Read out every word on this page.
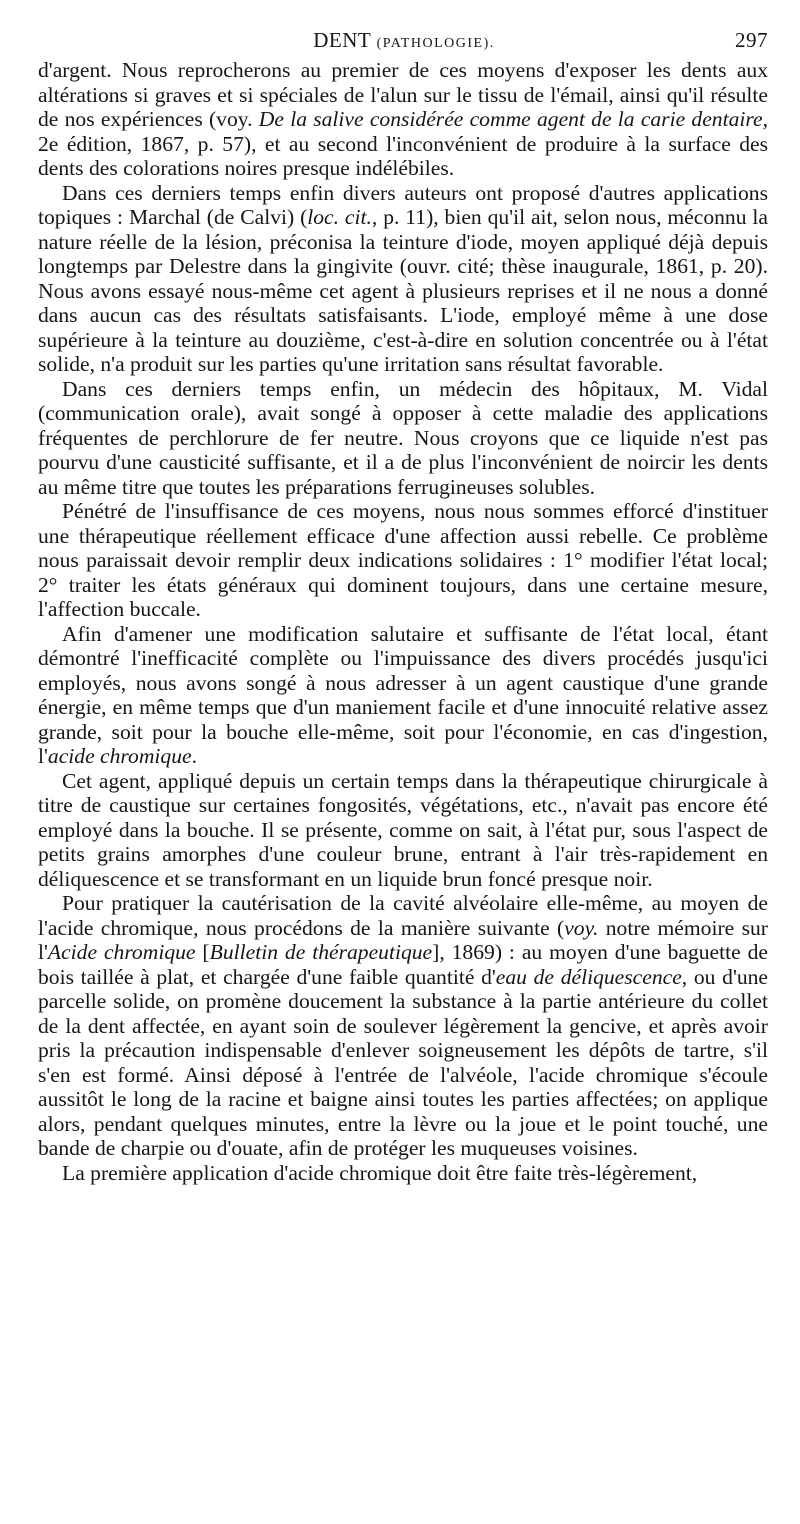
DENT (PATHOLOGIE).	297

d'argent. Nous reprocherons au premier de ces moyens d'exposer les dents aux altérations si graves et si spéciales de l'alun sur le tissu de l'émail, ainsi qu'il résulte de nos expériences (voy. De la salive considérée comme agent de la carie dentaire, 2e édition, 1867, p. 57), et au second l'inconvénient de produire à la surface des dents des colorations noires presque indélébiles.

Dans ces derniers temps enfin divers auteurs ont proposé d'autres applications topiques : Marchal (de Calvi) (loc. cit., p. 11), bien qu'il ait, selon nous, méconnu la nature réelle de la lésion, préconisa la teinture d'iode, moyen appliqué déjà depuis longtemps par Delestre dans la gingivite (ouvr. cité; thèse inaugurale, 1861, p. 20). Nous avons essayé nous-même cet agent à plusieurs reprises et il ne nous a donné dans aucun cas des résultats satisfaisants. L'iode, employé même à une dose supérieure à la teinture au douzième, c'est-à-dire en solution concentrée ou à l'état solide, n'a produit sur les parties qu'une irritation sans résultat favorable.

Dans ces derniers temps enfin, un médecin des hôpitaux, M. Vidal (communication orale), avait songé à opposer à cette maladie des applications fréquentes de perchlorure de fer neutre. Nous croyons que ce liquide n'est pas pourvu d'une causticité suffisante, et il a de plus l'inconvénient de noircir les dents au même titre que toutes les préparations ferrugineuses solubles.

Pénétré de l'insuffisance de ces moyens, nous nous sommes efforcé d'instituer une thérapeutique réellement efficace d'une affection aussi rebelle. Ce problème nous paraissait devoir remplir deux indications solidaires : 1° modifier l'état local; 2° traiter les états généraux qui dominent toujours, dans une certaine mesure, l'affection buccale.

Afin d'amener une modification salutaire et suffisante de l'état local, étant démontré l'inefficacité complète ou l'impuissance des divers procédés jusqu'ici employés, nous avons songé à nous adresser à un agent caustique d'une grande énergie, en même temps que d'un maniement facile et d'une innocuité relative assez grande, soit pour la bouche elle-même, soit pour l'économie, en cas d'ingestion, l'acide chromique.

Cet agent, appliqué depuis un certain temps dans la thérapeutique chirurgicale à titre de caustique sur certaines fongosités, végétations, etc., n'avait pas encore été employé dans la bouche. Il se présente, comme on sait, à l'état pur, sous l'aspect de petits grains amorphes d'une couleur brune, entrant à l'air très-rapidement en déliquescence et se transformant en un liquide brun foncé presque noir.

Pour pratiquer la cautérisation de la cavité alvéolaire elle-même, au moyen de l'acide chromique, nous procédons de la manière suivante (voy. notre mémoire sur l'Acide chromique [Bulletin de thérapeutique], 1869) : au moyen d'une baguette de bois taillée à plat, et chargée d'une faible quantité d'eau de déliquescence, ou d'une parcelle solide, on promène doucement la substance à la partie antérieure du collet de la dent affectée, en ayant soin de soulever légèrement la gencive, et après avoir pris la précaution indispensable d'enlever soigneusement les dépôts de tartre, s'il s'en est formé. Ainsi déposé à l'entrée de l'alvéole, l'acide chromique s'écoule aussitôt le long de la racine et baigne ainsi toutes les parties affectées; on applique alors, pendant quelques minutes, entre la lèvre ou la joue et le point touché, une bande de charpie ou d'ouate, afin de protéger les muqueuses voisines.

La première application d'acide chromique doit être faite très-légèrement,
